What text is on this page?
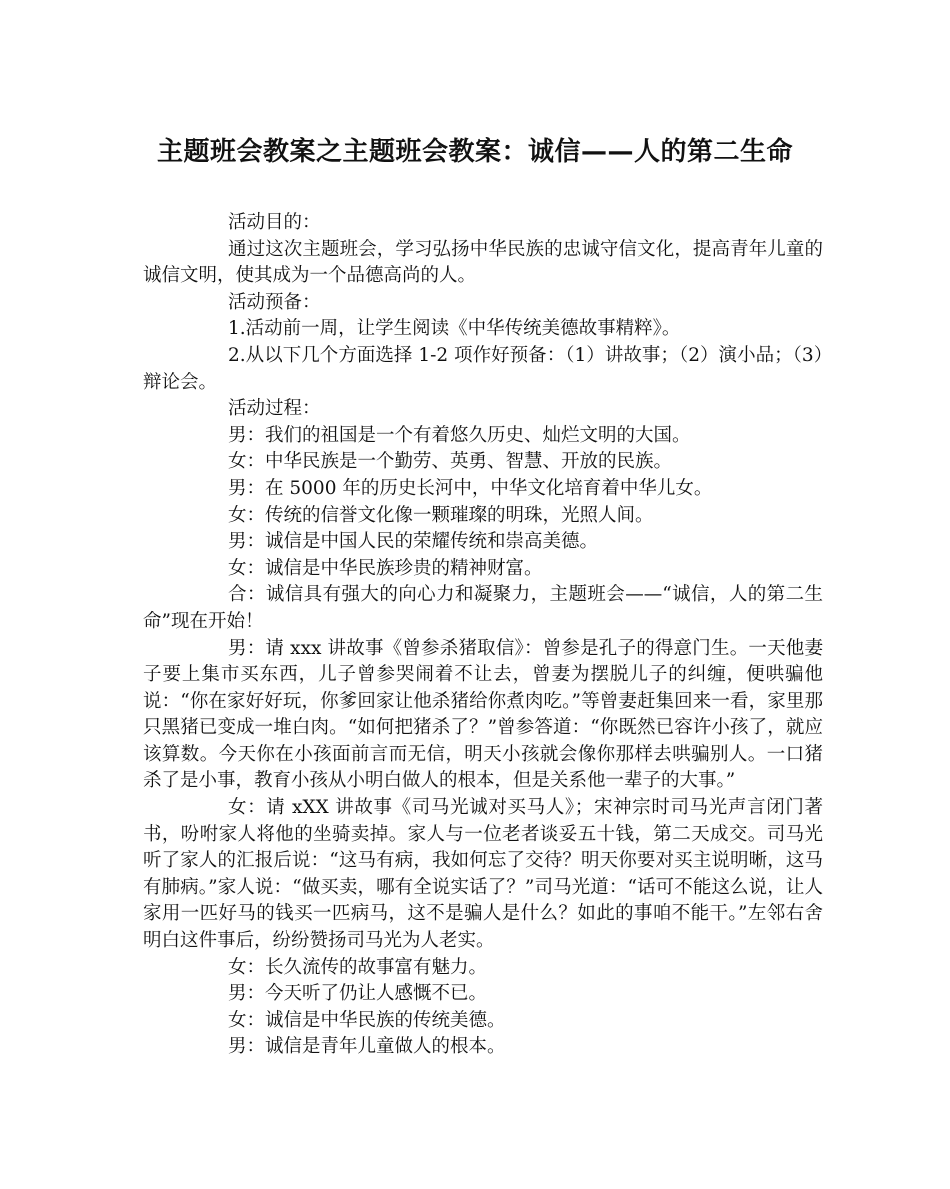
主题班会教案之主题班会教案：诚信——人的第二生命

活动目的：

通过这次主题班会，学习弘扬中华民族的忠诚守信文化，提高青年儿童的诚信文明，使其成为一个品德高尚的人。

活动预备：

1.活动前一周，让学生阅读《中华传统美德故事精粹》。

2.从以下几个方面选择 1-2 项作好预备：（1）讲故事；（2）演小品；（3）辩论会。

活动过程：

男：我们的祖国是一个有着悠久历史、灿烂文明的大国。

女：中华民族是一个勤劳、英勇、智慧、开放的民族。

男：在 5000 年的历史长河中，中华文化培育着中华儿女。

女：传统的信誉文化像一颗璀璨的明珠，光照人间。

男：诚信是中国人民的荣耀传统和崇高美德。

女：诚信是中华民族珍贵的精神财富。

合：诚信具有强大的向心力和凝聚力，主题班会——“诚信，人的第二生命”现在开始！

男：请 xxx 讲故事《曾参杀猪取信》：曾参是孔子的得意门生。一天他妻子要上集市买东西，儿子曾参哭闹着不让去，曾妻为摆脱儿子的纠缠，便哄骗他说：“你在家好好玩，你爹回家让他杀猪给你煮肉吃。”等曾妻赶集回来一看，家里那只黑猪已变成一堆白肉。“如何把猪杀了？”曾参答道：“你既然已容许小孩了，就应该算数。今天你在小孩面前言而无信，明天小孩就会像你那样去哄骗别人。一口猪杀了是小事，教育小孩从小明白做人的根本，但是关系他一辈子的大事。”

女：请 xXX 讲故事《司马光诚对买马人》；宋神宗时司马光声言闭门著书，吩咐家人将他的坐骑卖掉。家人与一位老者谈妥五十钱，第二天成交。司马光听了家人的汇报后说：“这马有病，我如何忘了交待？明天你要对买主说明晰，这马有肺病。”家人说：“做买卖，哪有全说实话了？”司马光道：“话可不能这么说，让人家用一匹好马的钱买一匹病马，这不是骗人是什么？如此的事咱不能干。”左邻右舍明白这件事后，纷纷赞扬司马光为人老实。

女：长久流传的故事富有魅力。

男：今天听了仍让人感慨不已。

女：诚信是中华民族的传统美德。

男：诚信是青年儿童做人的根本。
